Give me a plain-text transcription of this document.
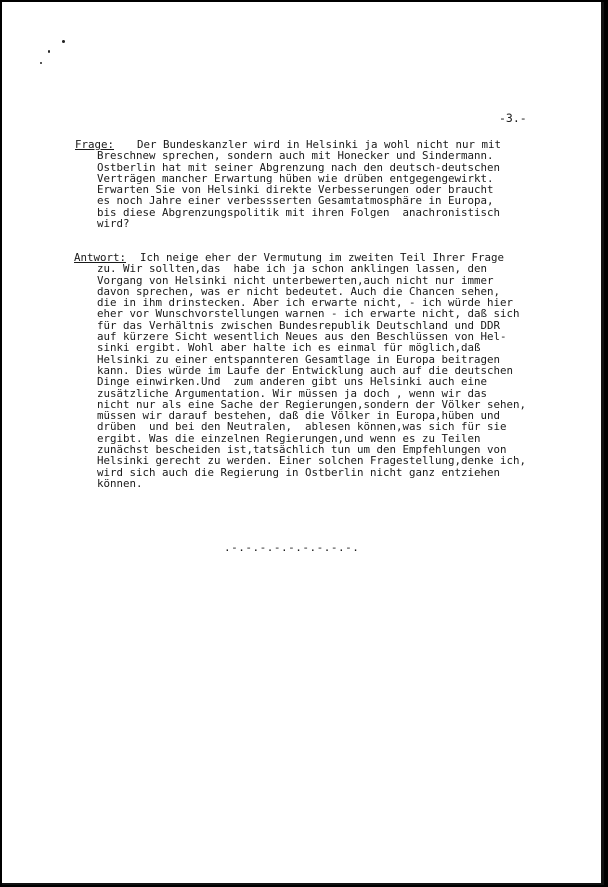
-3.-

Frage:

Der Bundeskanzler wird in Helsinki ja wohl nicht nur mit

Breschnew sprechen, sondern auch mit Honecker und Sindermann.
Ostberlin hat mit seiner Abgrenzung nach den deutsch-deutschen
Verträgen mancher Erwartung hüben wie drüben entgegengewirkt.
Erwarten Sie von Helsinki direkte Verbesserungen oder braucht
es noch Jahre einer verbessserten Gesamtatmosphäre in Europa,
bis diese Abgrenzungspolitik mit ihren Folgen  anachronistisch
wird?

Antwort:

Ich neige eher der Vermutung im zweiten Teil Ihrer Frage

zu. Wir sollten,das  habe ich ja schon anklingen lassen, den
Vorgang von Helsinki nicht unterbewerten,auch nicht nur immer
davon sprechen, was er nicht bedeutet. Auch die Chancen sehen,
die in ihm drinstecken. Aber ich erwarte nicht, - ich würde hier
eher vor Wunschvorstellungen warnen - ich erwarte nicht, daß sich
für das Verhältnis zwischen Bundesrepublik Deutschland und DDR
auf kürzere Sicht wesentlich Neues aus den Beschlüssen von Hel-
sinki ergibt. Wohl aber halte ich es einmal für möglich,daß
Helsinki zu einer entspannteren Gesamtlage in Europa beitragen
kann. Dies würde im Laufe der Entwicklung auch auf die deutschen
Dinge einwirken.Und  zum anderen gibt uns Helsinki auch eine
zusätzliche Argumentation. Wir müssen ja doch , wenn wir das
nicht nur als eine Sache der Regierungen,sondern der Völker sehen,
müssen wir darauf bestehen, daß die Völker in Europa,hüben und
drüben  und bei den Neutralen,  ablesen können,was sich für sie
ergibt. Was die einzelnen Regierungen,und wenn es zu Teilen
zunächst bescheiden ist,tatsächlich tun um den Empfehlungen von
Helsinki gerecht zu werden. Einer solchen Fragestellung,denke ich,
wird sich auch die Regierung in Ostberlin nicht ganz entziehen
können.
.-.-.-.-.-.-.-.-.-.
